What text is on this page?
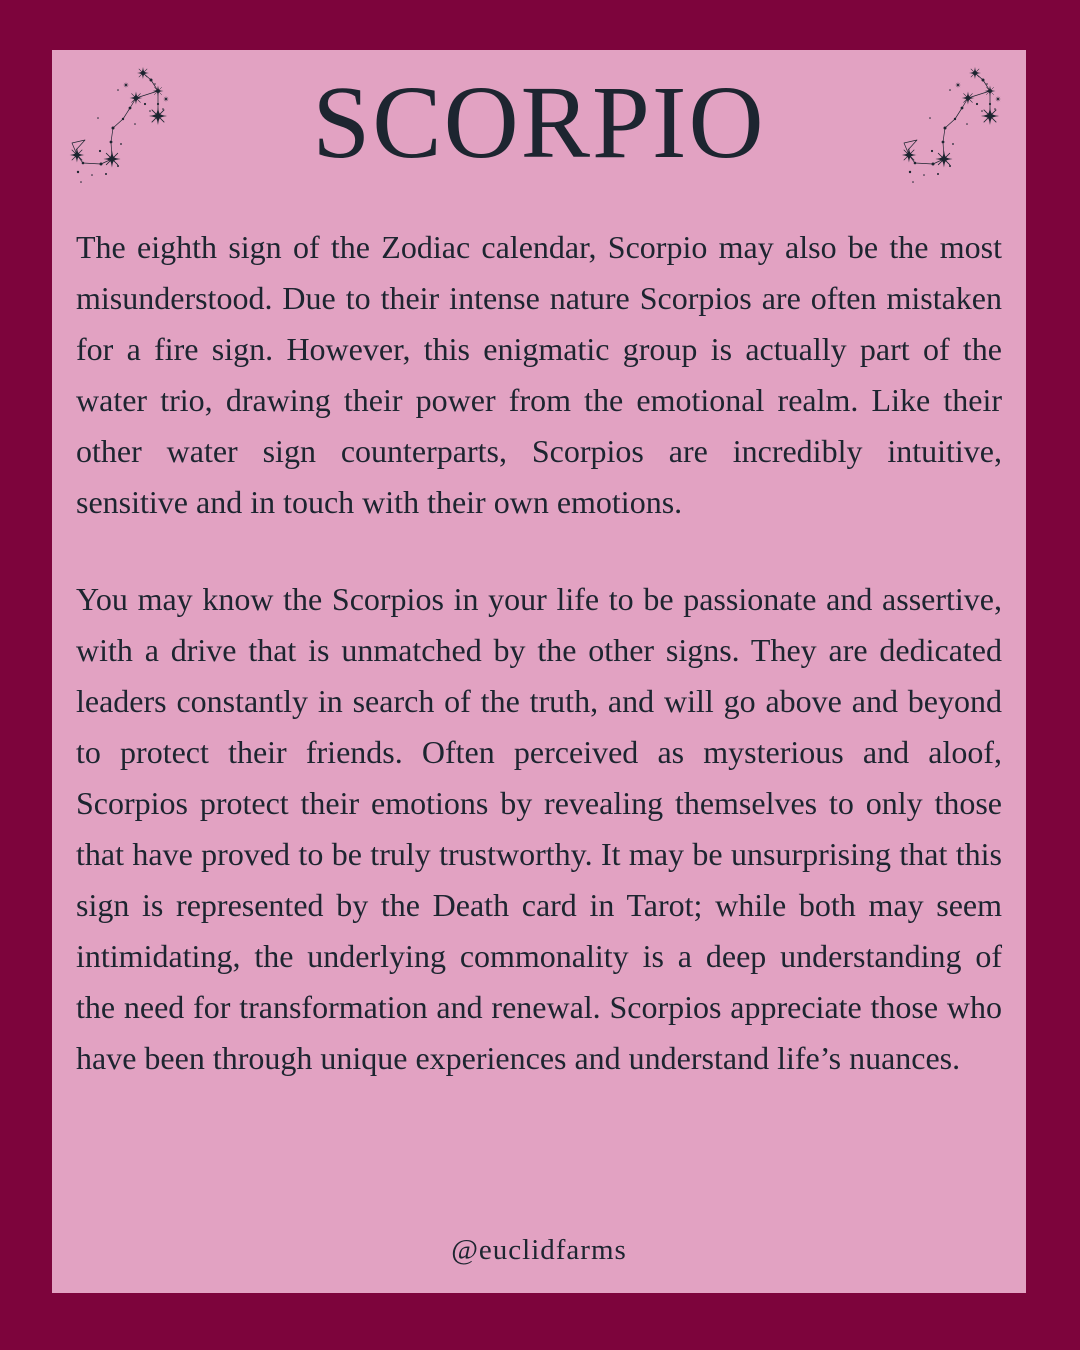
SCORPIO

The eighth sign of the Zodiac calendar, Scorpio may also be the most misunderstood. Due to their intense nature Scorpios are often mistaken for a fire sign. However, this enigmatic group is actually part of the water trio, drawing their power from the emotional realm. Like their other water sign counterparts, Scorpios are incredibly intuitive, sensitive and in touch with their own emotions.

You may know the Scorpios in your life to be passionate and assertive, with a drive that is unmatched by the other signs. They are dedicated leaders constantly in search of the truth, and will go above and beyond to protect their friends. Often perceived as mysterious and aloof, Scorpios protect their emotions by revealing themselves to only those that have proved to be truly trustworthy. It may be unsurprising that this sign is represented by the Death card in Tarot; while both may seem intimidating, the underlying commonality is a deep understanding of the need for transformation and renewal. Scorpios appreciate those who have been through unique experiences and understand life’s nuances.

@euclidfarms
